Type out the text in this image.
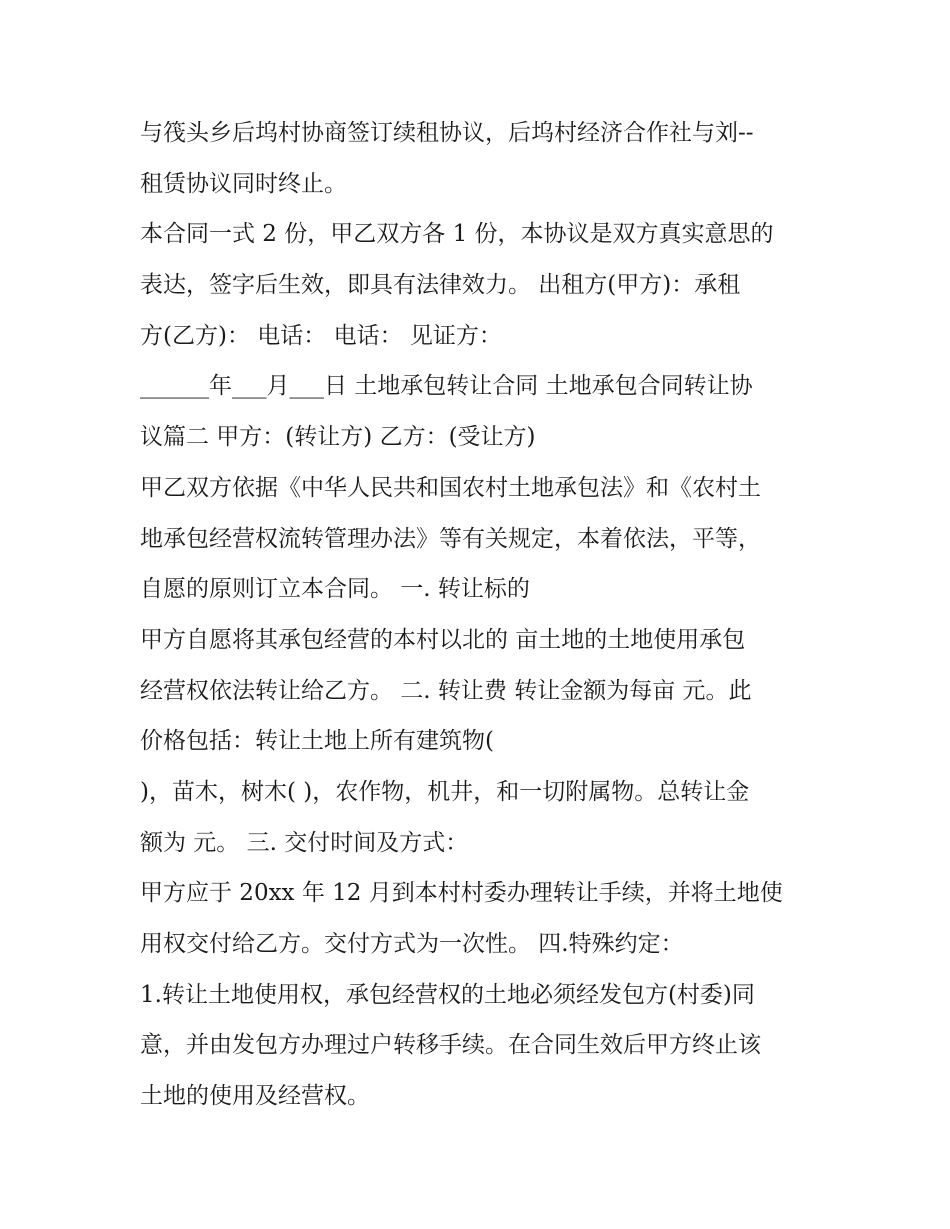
与筏头乡后坞村协商签订续租协议，后坞村经济合作社与刘--
租赁协议同时终止。
本合同一式 2 份，甲乙双方各 1 份，本协议是双方真实意思的
表达，签字后生效，即具有法律效力。 出租方(甲方)：承租
方(乙方)： 电话： 电话： 见证方：
______年___月___日 土地承包转让合同 土地承包合同转让协
议篇二 甲方：(转让方) 乙方：(受让方)
甲乙双方依据《中华人民共和国农村土地承包法》和《农村土
地承包经营权流转管理办法》等有关规定，本着依法，平等，
自愿的原则订立本合同。 一. 转让标的
甲方自愿将其承包经营的本村以北的 亩土地的土地使用承包
经营权依法转让给乙方。 二. 转让费 转让金额为每亩 元。此
价格包括：转让土地上所有建筑物(
)，苗木，树木( )，农作物，机井，和一切附属物。总转让金
额为 元。 三. 交付时间及方式：
甲方应于 20xx 年 12 月到本村村委办理转让手续，并将土地使
用权交付给乙方。交付方式为一次性。 四.特殊约定：
1.转让土地使用权，承包经营权的土地必须经发包方(村委)同
意，并由发包方办理过户转移手续。在合同生效后甲方终止该
土地的使用及经营权。
